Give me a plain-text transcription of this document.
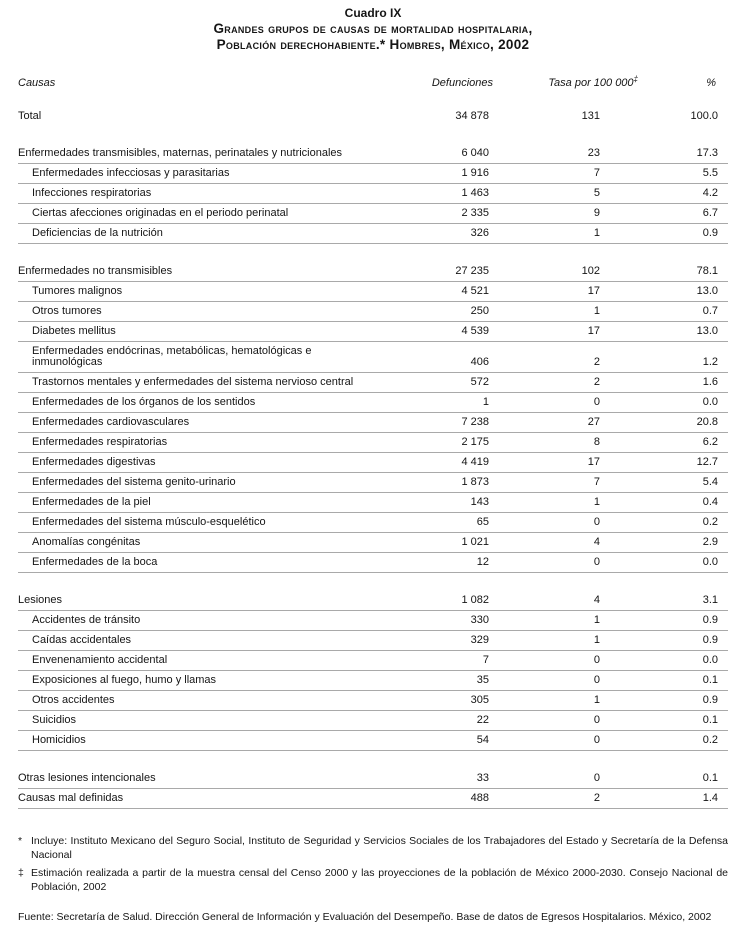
Cuadro IX
Grandes grupos de causas de mortalidad hospitalaria,
Población derechohabiente.* Hombres, México, 2002
Causas	Defunciones	Tasa por 100 000‡	%
Total	34 878	131	100.0

Enfermedades transmisibles, maternas, perinatales y nutricionales	6 040	23	17.3
Enfermedades infecciosas y parasitarias	1 916	7	5.5
Infecciones respiratorias	1 463	5	4.2
Ciertas afecciones originadas en el periodo perinatal	2 335	9	6.7
Deficiencias de la nutrición	326	1	0.9

Enfermedades no transmisibles	27 235	102	78.1
Tumores malignos	4 521	17	13.0
Otros tumores	250	1	0.7
Diabetes mellitus	4 539	17	13.0
Enfermedades endócrinas, metabólicas, hematológicas e inmunológicas	406	2	1.2
Trastornos mentales y enfermedades del sistema nervioso central	572	2	1.6
Enfermedades de los órganos de los sentidos	1	0	0.0
Enfermedades cardiovasculares	7 238	27	20.8
Enfermedades respiratorias	2 175	8	6.2
Enfermedades digestivas	4 419	17	12.7
Enfermedades del sistema genito-urinario	1 873	7	5.4
Enfermedades de la piel	143	1	0.4
Enfermedades del sistema músculo-esquelético	65	0	0.2
Anomalías congénitas	1 021	4	2.9
Enfermedades de la boca	12	0	0.0

Lesiones	1 082	4	3.1
Accidentes de tránsito	330	1	0.9
Caídas accidentales	329	1	0.9
Envenenamiento accidental	7	0	0.0
Exposiciones al fuego, humo y llamas	35	0	0.1
Otros accidentes	305	1	0.9
Suicidios	22	0	0.1
Homicidios	54	0	0.2

Otras lesiones intencionales	33	0	0.1
Causas mal definidas	488	2	1.4
* Incluye: Instituto Mexicano del Seguro Social, Instituto de Seguridad y Servicios Sociales de los Trabajadores del Estado y Secretaría de la Defensa Nacional
‡ Estimación realizada a partir de la muestra censal del Censo 2000 y las proyecciones de la población de México 2000-2030. Consejo Nacional de Población, 2002
Fuente: Secretaría de Salud. Dirección General de Información y Evaluación del Desempeño. Base de datos de Egresos Hospitalarios. México, 2002
